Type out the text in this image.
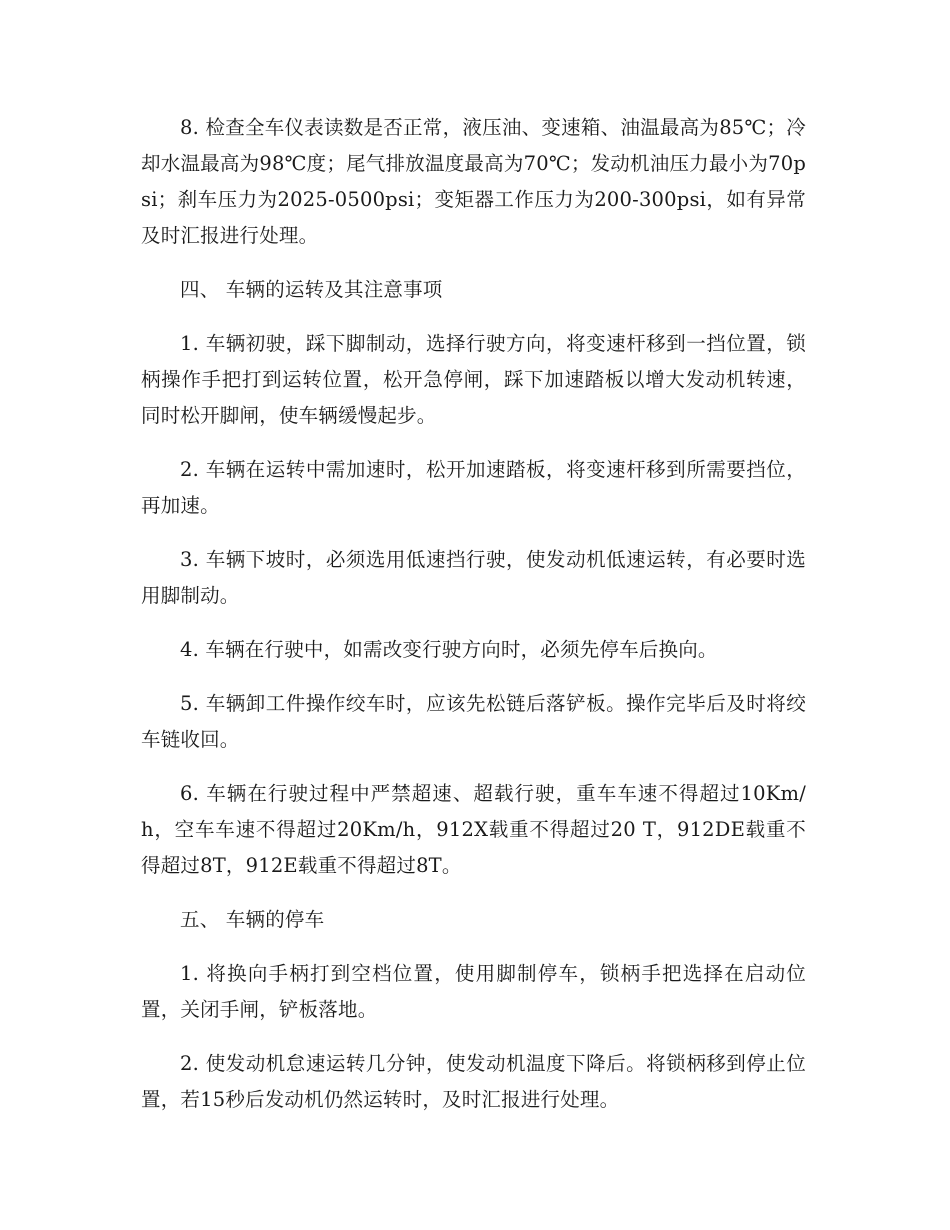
8. 检查全车仪表读数是否正常，液压油、变速箱、油温最高为85℃；冷却水温最高为98℃度；尾气排放温度最高为70℃；发动机油压力最小为70psi；刹车压力为2025-0500psi；变矩器工作压力为200-300psi，如有异常及时汇报进行处理。

四、 车辆的运转及其注意事项

1. 车辆初驶，踩下脚制动，选择行驶方向，将变速杆移到一挡位置，锁柄操作手把打到运转位置，松开急停闸，踩下加速踏板以增大发动机转速，同时松开脚闸，使车辆缓慢起步。

2. 车辆在运转中需加速时，松开加速踏板，将变速杆移到所需要挡位，再加速。

3. 车辆下坡时，必须选用低速挡行驶，使发动机低速运转，有必要时选用脚制动。

4. 车辆在行驶中，如需改变行驶方向时，必须先停车后换向。

5. 车辆卸工件操作绞车时，应该先松链后落铲板。操作完毕后及时将绞车链收回。

6. 车辆在行驶过程中严禁超速、超载行驶，重车车速不得超过10Km/h，空车车速不得超过20Km/h，912X载重不得超过20 T，912DE载重不得超过8T，912E载重不得超过8T。

五、 车辆的停车

1. 将换向手柄打到空档位置，使用脚制停车，锁柄手把选择在启动位置，关闭手闸，铲板落地。

2. 使发动机怠速运转几分钟，使发动机温度下降后。将锁柄移到停止位置，若15秒后发动机仍然运转时，及时汇报进行处理。
